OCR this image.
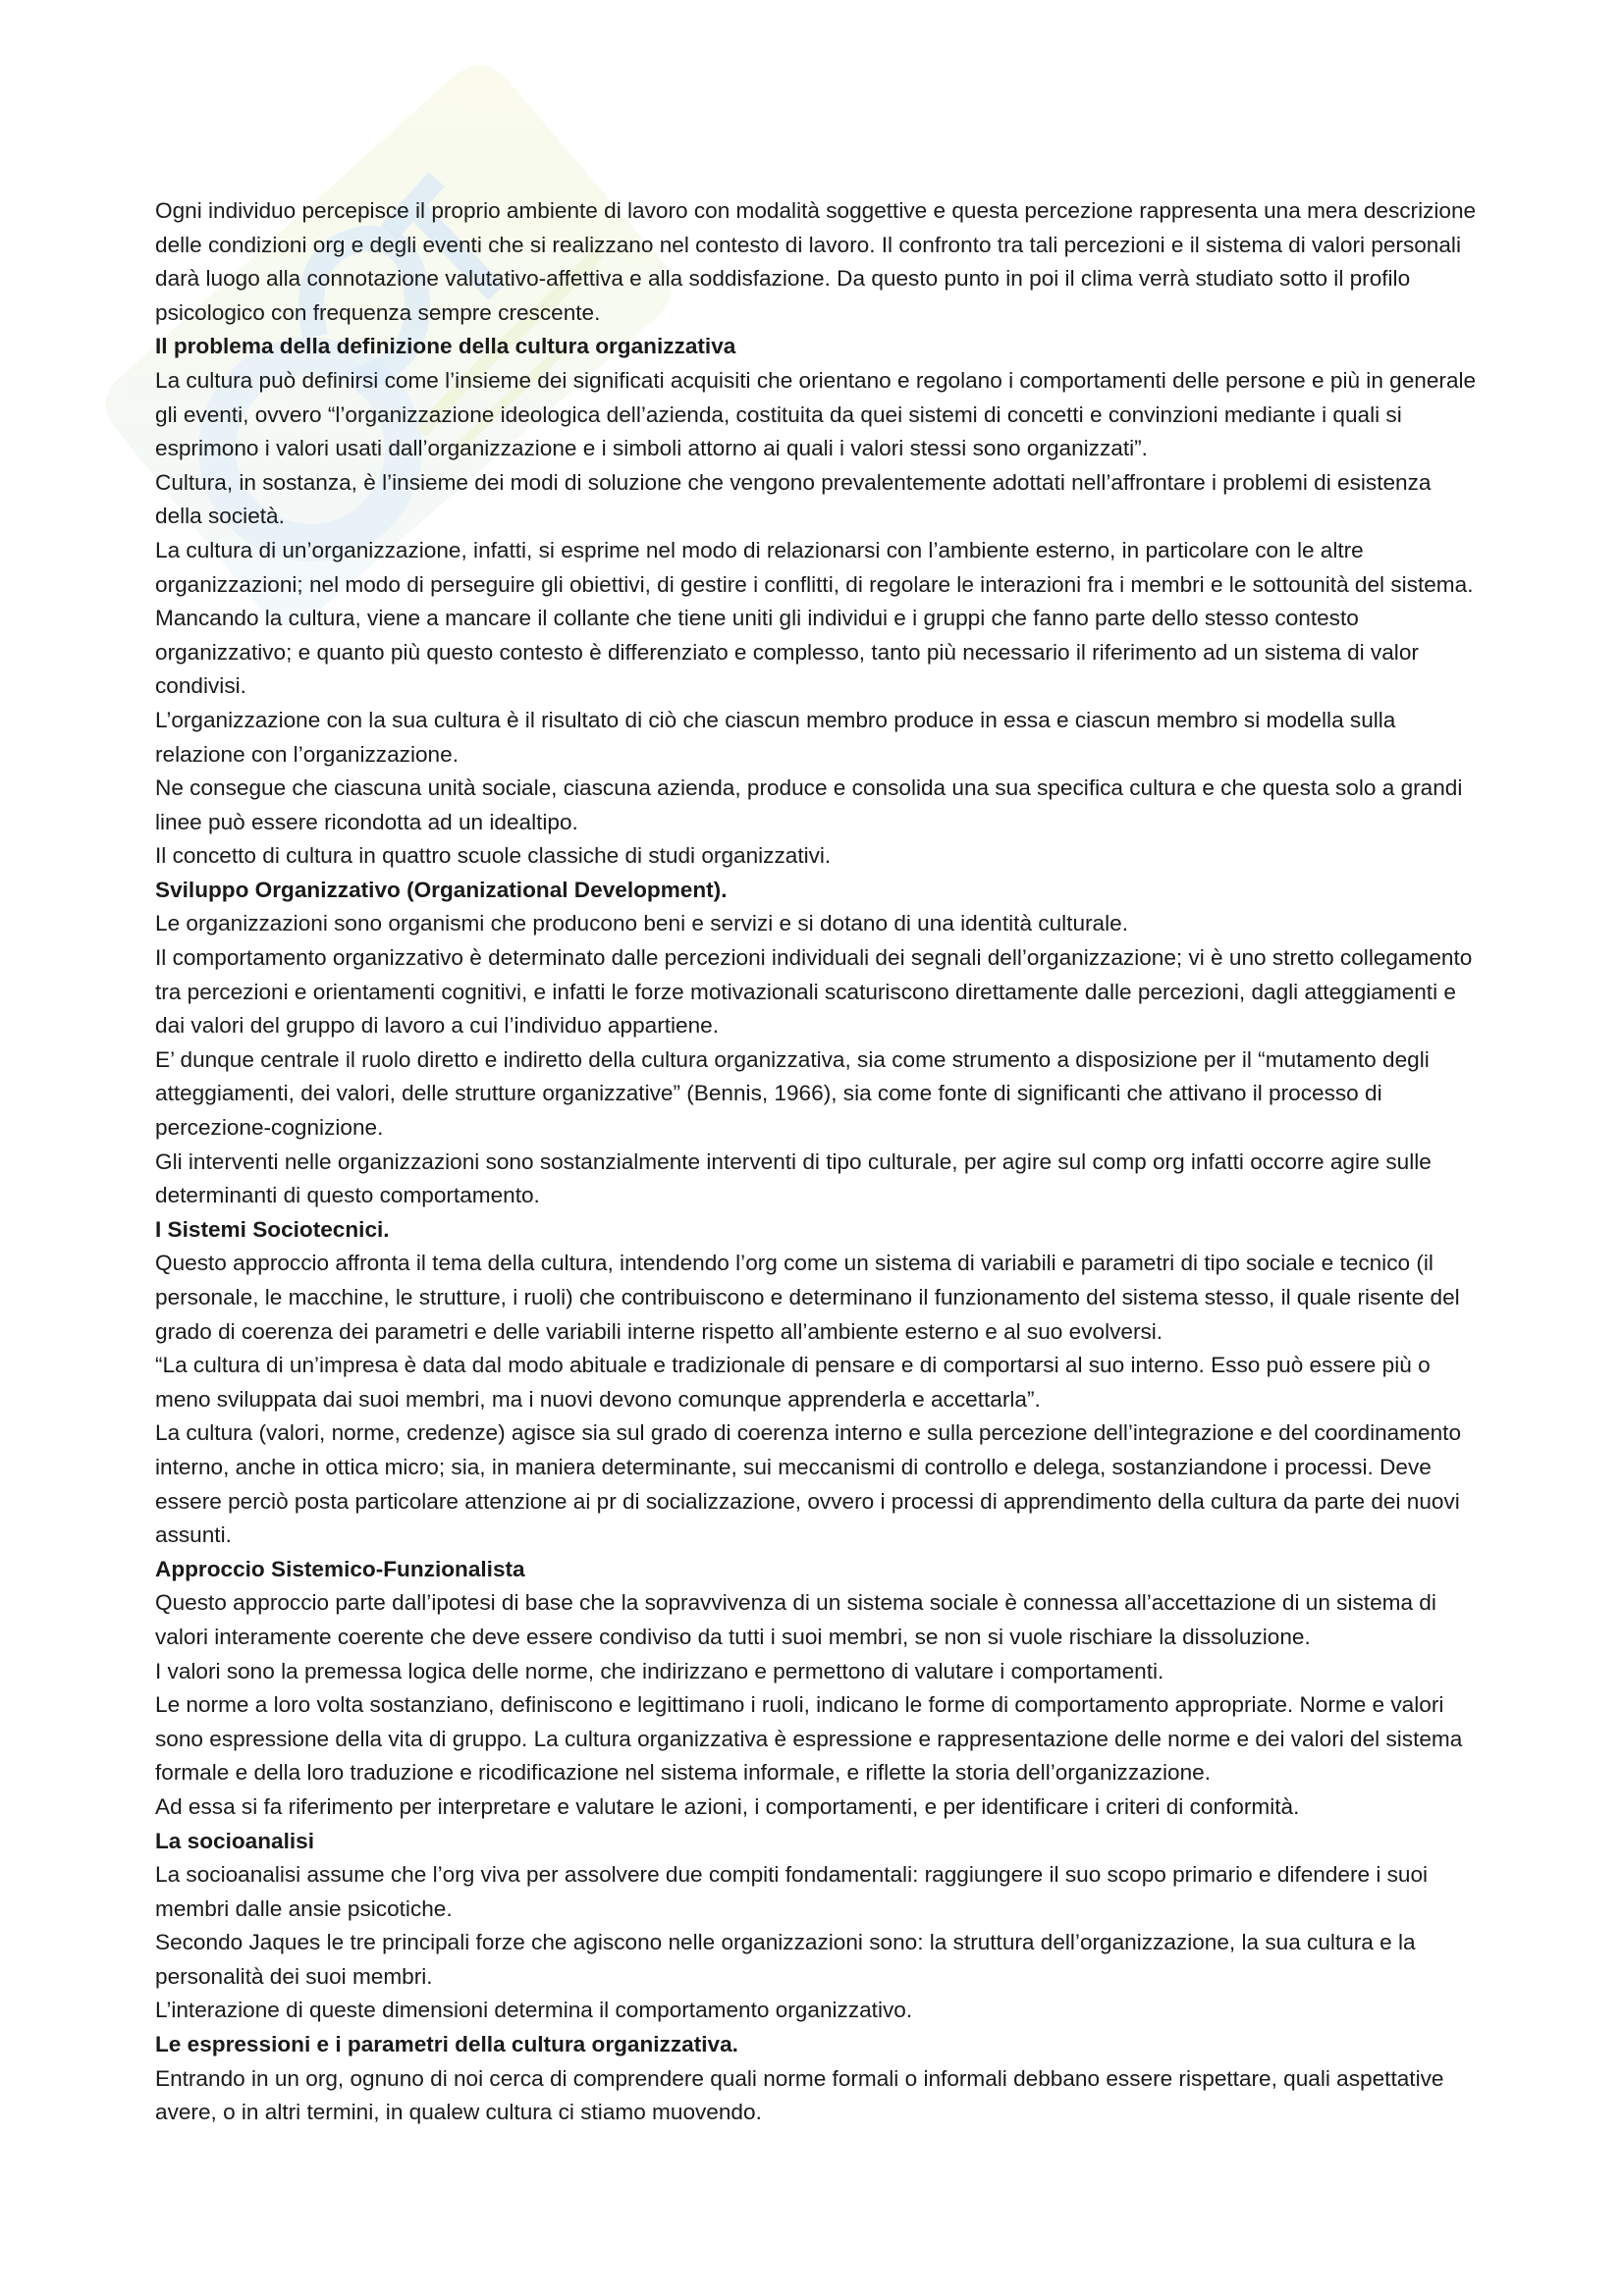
Ogni individuo percepisce il proprio ambiente di lavoro con modalità soggettive e questa percezione rappresenta una mera descrizione delle condizioni org e degli eventi che si realizzano nel contesto di lavoro. Il confronto tra tali percezioni e il sistema di valori personali darà luogo alla connotazione valutativo-affettiva e alla soddisfazione. Da questo punto in poi il clima verrà studiato sotto il profilo psicologico con frequenza sempre crescente.

Il problema della definizione della cultura organizzativa

La cultura può definirsi come l’insieme dei significati acquisiti che orientano e regolano i comportamenti delle persone e più in generale gli eventi, ovvero “l’organizzazione ideologica dell’azienda, costituita da quei sistemi di concetti e convinzioni mediante i quali si esprimono i valori usati dall’organizzazione e i simboli attorno ai quali i valori stessi sono organizzati”.

Cultura, in sostanza, è l’insieme dei modi di soluzione che vengono prevalentemente adottati nell’affrontare i problemi di esistenza della società.

La cultura di un’organizzazione, infatti, si esprime nel modo di relazionarsi con l’ambiente esterno, in particolare con le altre organizzazioni; nel modo di perseguire gli obiettivi, di gestire i conflitti, di regolare le interazioni fra i membri e le sottounità del sistema. Mancando la cultura, viene a mancare il collante che tiene uniti gli individui e i gruppi che fanno parte dello stesso contesto organizzativo; e quanto più questo contesto è differenziato e complesso, tanto più necessario il riferimento ad un sistema di valor condivisi.

L’organizzazione con la sua cultura è il risultato di ciò che ciascun membro produce in essa e ciascun membro si modella sulla relazione con l’organizzazione.

Ne consegue che ciascuna unità sociale, ciascuna azienda, produce e consolida una sua specifica cultura e che questa solo a grandi linee può essere ricondotta ad un idealtipo.

Il concetto di cultura in quattro scuole classiche di studi organizzativi.

Sviluppo Organizzativo (Organizational Development).

Le organizzazioni sono organismi che producono beni e servizi e si dotano di una identità culturale.

Il comportamento organizzativo è determinato dalle percezioni individuali dei segnali dell’organizzazione; vi è uno stretto collegamento tra percezioni e orientamenti cognitivi, e infatti le forze motivazionali scaturiscono direttamente dalle percezioni, dagli atteggiamenti e dai valori del gruppo di lavoro a cui l’individuo appartiene.

E’ dunque centrale il ruolo diretto e indiretto della cultura organizzativa, sia come strumento a disposizione per il “mutamento degli atteggiamenti, dei valori, delle strutture organizzative” (Bennis, 1966), sia come fonte di significanti che attivano il processo di percezione-cognizione.

Gli interventi nelle organizzazioni sono sostanzialmente interventi di tipo culturale, per agire sul comp org infatti occorre agire sulle determinanti di questo comportamento.

I Sistemi Sociotecnici.

Questo approccio affronta il tema della cultura, intendendo l’org come un sistema di variabili e parametri di tipo sociale e tecnico (il personale, le macchine, le strutture, i ruoli) che contribuiscono e determinano il funzionamento del sistema stesso, il quale risente del grado di coerenza dei parametri e delle variabili interne rispetto all’ambiente esterno e al suo evolversi.

“La cultura di un’impresa è data dal modo abituale e tradizionale di pensare e di comportarsi al suo interno. Esso può essere più o meno sviluppata dai suoi membri, ma i nuovi devono comunque apprenderla e accettarla”.

La cultura (valori, norme, credenze) agisce sia sul grado di coerenza interno e sulla percezione dell’integrazione e del coordinamento interno, anche in ottica micro; sia, in maniera determinante, sui meccanismi di controllo e delega, sostanziandone i processi. Deve essere perciò posta particolare attenzione ai pr di socializzazione, ovvero i processi di apprendimento della cultura da parte dei nuovi assunti.

Approccio Sistemico-Funzionalista

Questo approccio parte dall’ipotesi di base che la sopravvivenza di un sistema sociale è connessa all’accettazione di un sistema di valori interamente coerente che deve essere condiviso da tutti i suoi membri, se non si vuole rischiare la dissoluzione.

I valori sono la premessa logica delle norme, che indirizzano e permettono di valutare i comportamenti.

Le norme a loro volta sostanziano, definiscono e legittimano i ruoli, indicano le forme di comportamento appropriate. Norme e valori sono espressione della vita di gruppo. La cultura organizzativa è espressione e rappresentazione delle norme e dei valori del sistema formale e della loro traduzione e ricodificazione nel sistema informale, e riflette la storia dell’organizzazione.

Ad essa si fa riferimento per interpretare e valutare le azioni, i comportamenti, e per identificare i criteri di conformità.

La socioanalisi

La socioanalisi assume che l’org viva per assolvere due compiti fondamentali: raggiungere il suo scopo primario e difendere i suoi membri dalle ansie psicotiche.

Secondo Jaques le tre principali forze che agiscono nelle organizzazioni sono: la struttura dell’organizzazione, la sua cultura e la personalità dei suoi membri.

L’interazione di queste dimensioni determina il comportamento organizzativo.

Le espressioni e i parametri della cultura organizzativa.

Entrando in un org, ognuno di noi cerca di comprendere quali norme formali o informali debbano essere rispettare, quali aspettative avere, o in altri termini, in qualew cultura ci stiamo muovendo.
